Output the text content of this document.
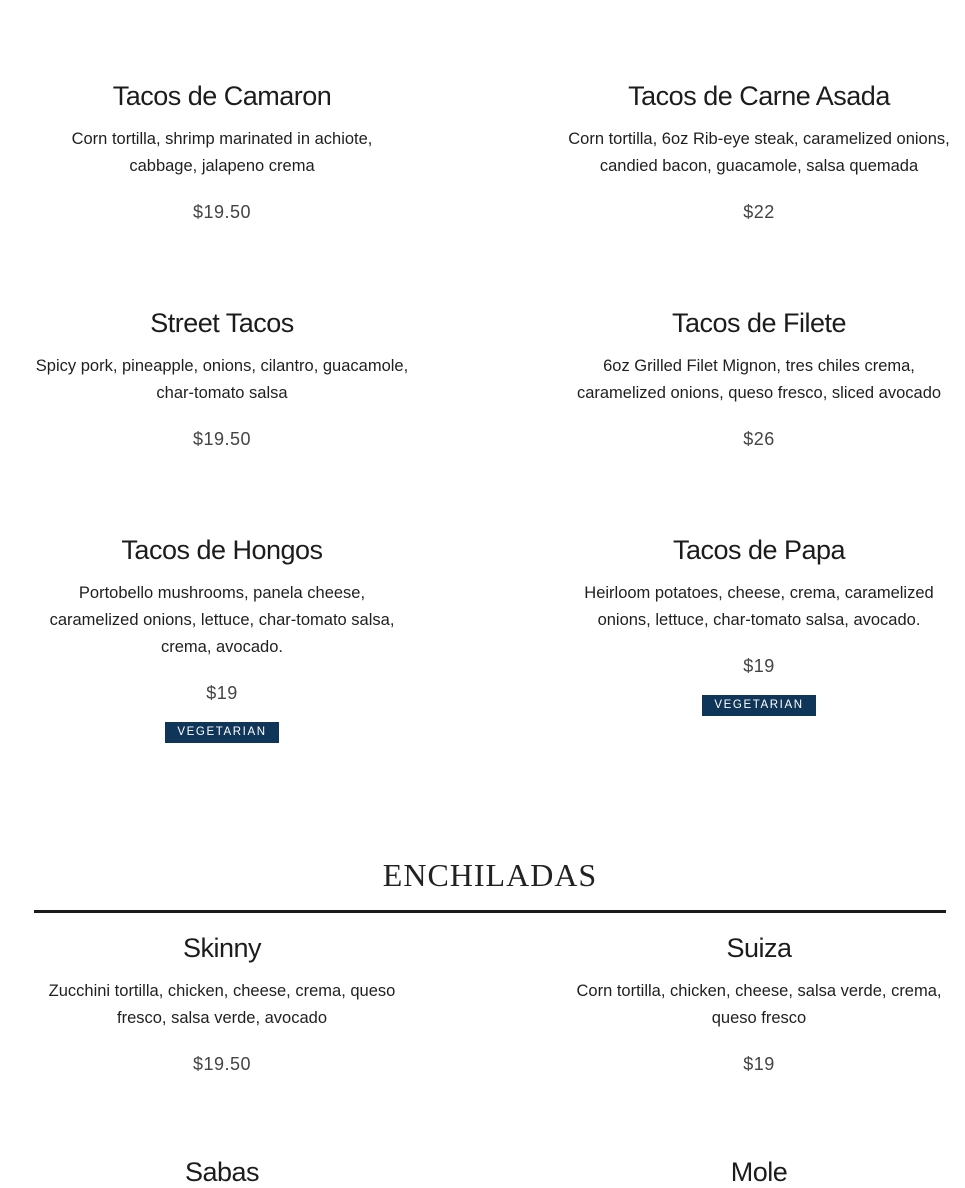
Tacos de Camaron
Corn tortilla, shrimp marinated in achiote, cabbage, jalapeno crema
$19.50
Tacos de Carne Asada
Corn tortilla, 6oz Rib-eye steak, caramelized onions, candied bacon, guacamole, salsa quemada
$22
Street Tacos
Spicy pork, pineapple, onions, cilantro, guacamole, char-tomato salsa
$19.50
Tacos de Filete
6oz Grilled Filet Mignon, tres chiles crema, caramelized onions, queso fresco, sliced avocado
$26
Tacos de Hongos
Portobello mushrooms, panela cheese, caramelized onions, lettuce, char-tomato salsa, crema, avocado.
$19
VEGETARIAN
Tacos de Papa
Heirloom potatoes, cheese, crema, caramelized onions, lettuce, char-tomato salsa, avocado.
$19
VEGETARIAN
ENCHILADAS
Skinny
Zucchini tortilla, chicken, cheese, crema, queso fresco, salsa verde, avocado
$19.50
Suiza
Corn tortilla, chicken, cheese, salsa verde, crema, queso fresco
$19
Sabas	Mole
